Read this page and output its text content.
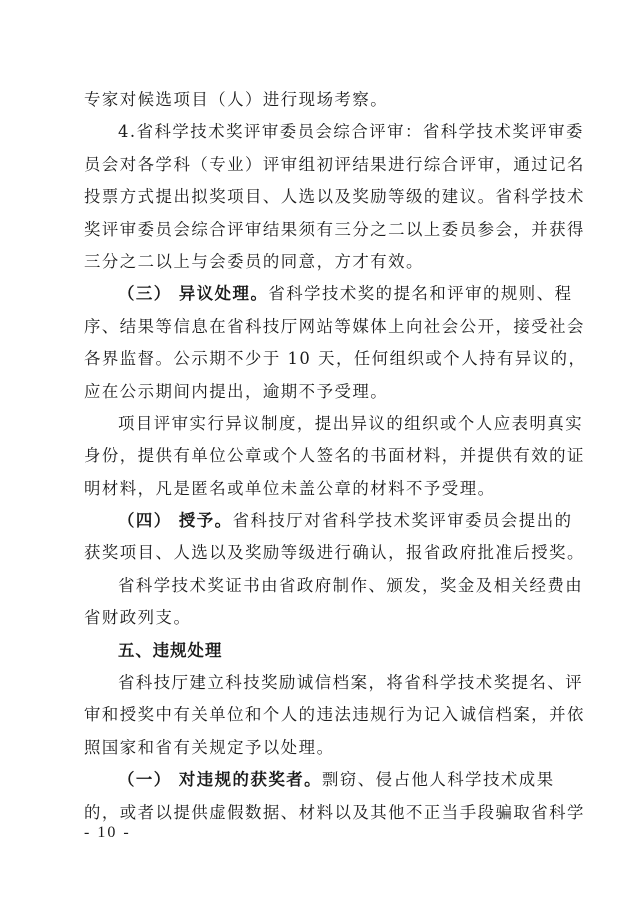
专家对候选项目（人）进行现场考察。
4.省科学技术奖评审委员会综合评审：省科学技术奖评审委
员会对各学科（专业）评审组初评结果进行综合评审，通过记名
投票方式提出拟奖项目、人选以及奖励等级的建议。省科学技术
奖评审委员会综合评审结果须有三分之二以上委员参会，并获得
三分之二以上与会委员的同意，方才有效。
（三） 异议处理。省科学技术奖的提名和评审的规则、程
序、结果等信息在省科技厅网站等媒体上向社会公开，接受社会
各界监督。公示期不少于 10 天，任何组织或个人持有异议的，
应在公示期间内提出，逾期不予受理。
项目评审实行异议制度，提出异议的组织或个人应表明真实
身份，提供有单位公章或个人签名的书面材料，并提供有效的证
明材料，凡是匿名或单位未盖公章的材料不予受理。
（四） 授予。省科技厅对省科学技术奖评审委员会提出的
获奖项目、人选以及奖励等级进行确认，报省政府批准后授奖。
省科学技术奖证书由省政府制作、颁发，奖金及相关经费由
省财政列支。
五、违规处理
省科技厅建立科技奖励诚信档案，将省科学技术奖提名、评
审和授奖中有关单位和个人的违法违规行为记入诚信档案，并依
照国家和省有关规定予以处理。
（一） 对违规的获奖者。剽窃、侵占他人科学技术成果
的，或者以提供虚假数据、材料以及其他不正当手段骗取省科学
- 10 -
